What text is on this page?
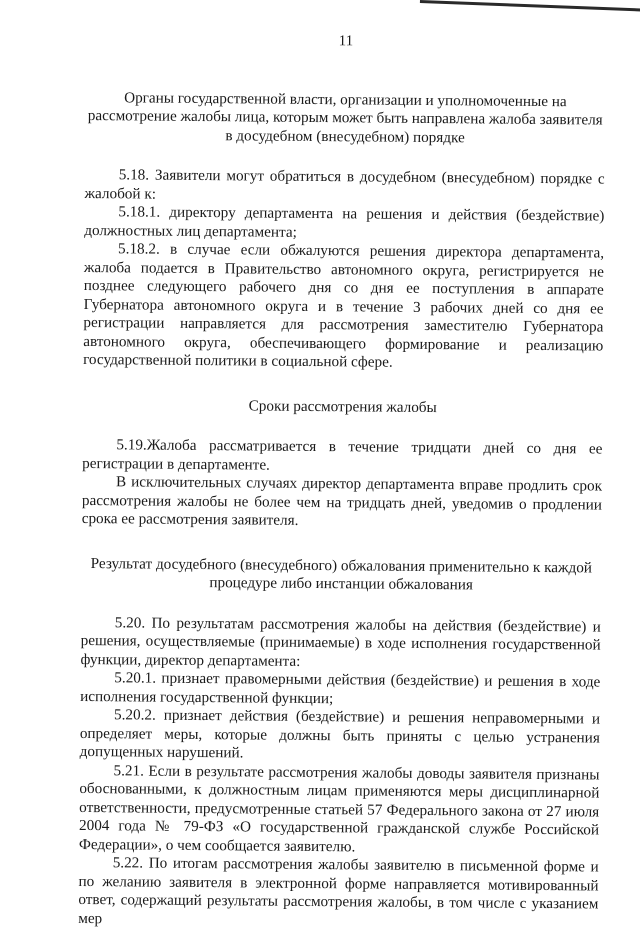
11
Органы государственной власти, организации и уполномоченные на рассмотрение жалобы лица, которым может быть направлена жалоба заявителя в досудебном (внесудебном) порядке

5.18. Заявители могут обратиться в досудебном (внесудебном) порядке с жалобой к:

5.18.1. директору департамента на решения и действия (бездействие) должностных лиц департамента;

5.18.2. в случае если обжалуются решения директора департамента, жалоба подается в Правительство автономного округа, регистрируется не позднее следующего рабочего дня со дня ее поступления в аппарате Губернатора автономного округа и в течение 3 рабочих дней со дня ее регистрации направляется для рассмотрения заместителю Губернатора автономного округа, обеспечивающего формирование и реализацию государственной политики в социальной сфере.

Сроки рассмотрения жалобы

5.19.Жалоба рассматривается в течение тридцати дней со дня ее регистрации в департаменте.

В исключительных случаях директор департамента вправе продлить срок рассмотрения жалобы не более чем на тридцать дней, уведомив о продлении срока ее рассмотрения заявителя.

Результат досудебного (внесудебного) обжалования применительно к каждой процедуре либо инстанции обжалования

5.20. По результатам рассмотрения жалобы на действия (бездействие) и решения, осуществляемые (принимаемые) в ходе исполнения государственной функции, директор департамента:

5.20.1. признает правомерными действия (бездействие) и решения в ходе исполнения государственной функции;

5.20.2. признает действия (бездействие) и решения неправомерными и определяет меры, которые должны быть приняты с целью устранения допущенных нарушений.

5.21. Если в результате рассмотрения жалобы доводы заявителя признаны обоснованными, к должностным лицам применяются меры дисциплинарной ответственности, предусмотренные статьей 57 Федерального закона от 27 июля 2004 года № 79-ФЗ «О государственной гражданской службе Российской Федерации», о чем сообщается заявителю.

5.22. По итогам рассмотрения жалобы заявителю в письменной форме и по желанию заявителя в электронной форме направляется мотивированный ответ, содержащий результаты рассмотрения жалобы, в том числе с указанием мер
